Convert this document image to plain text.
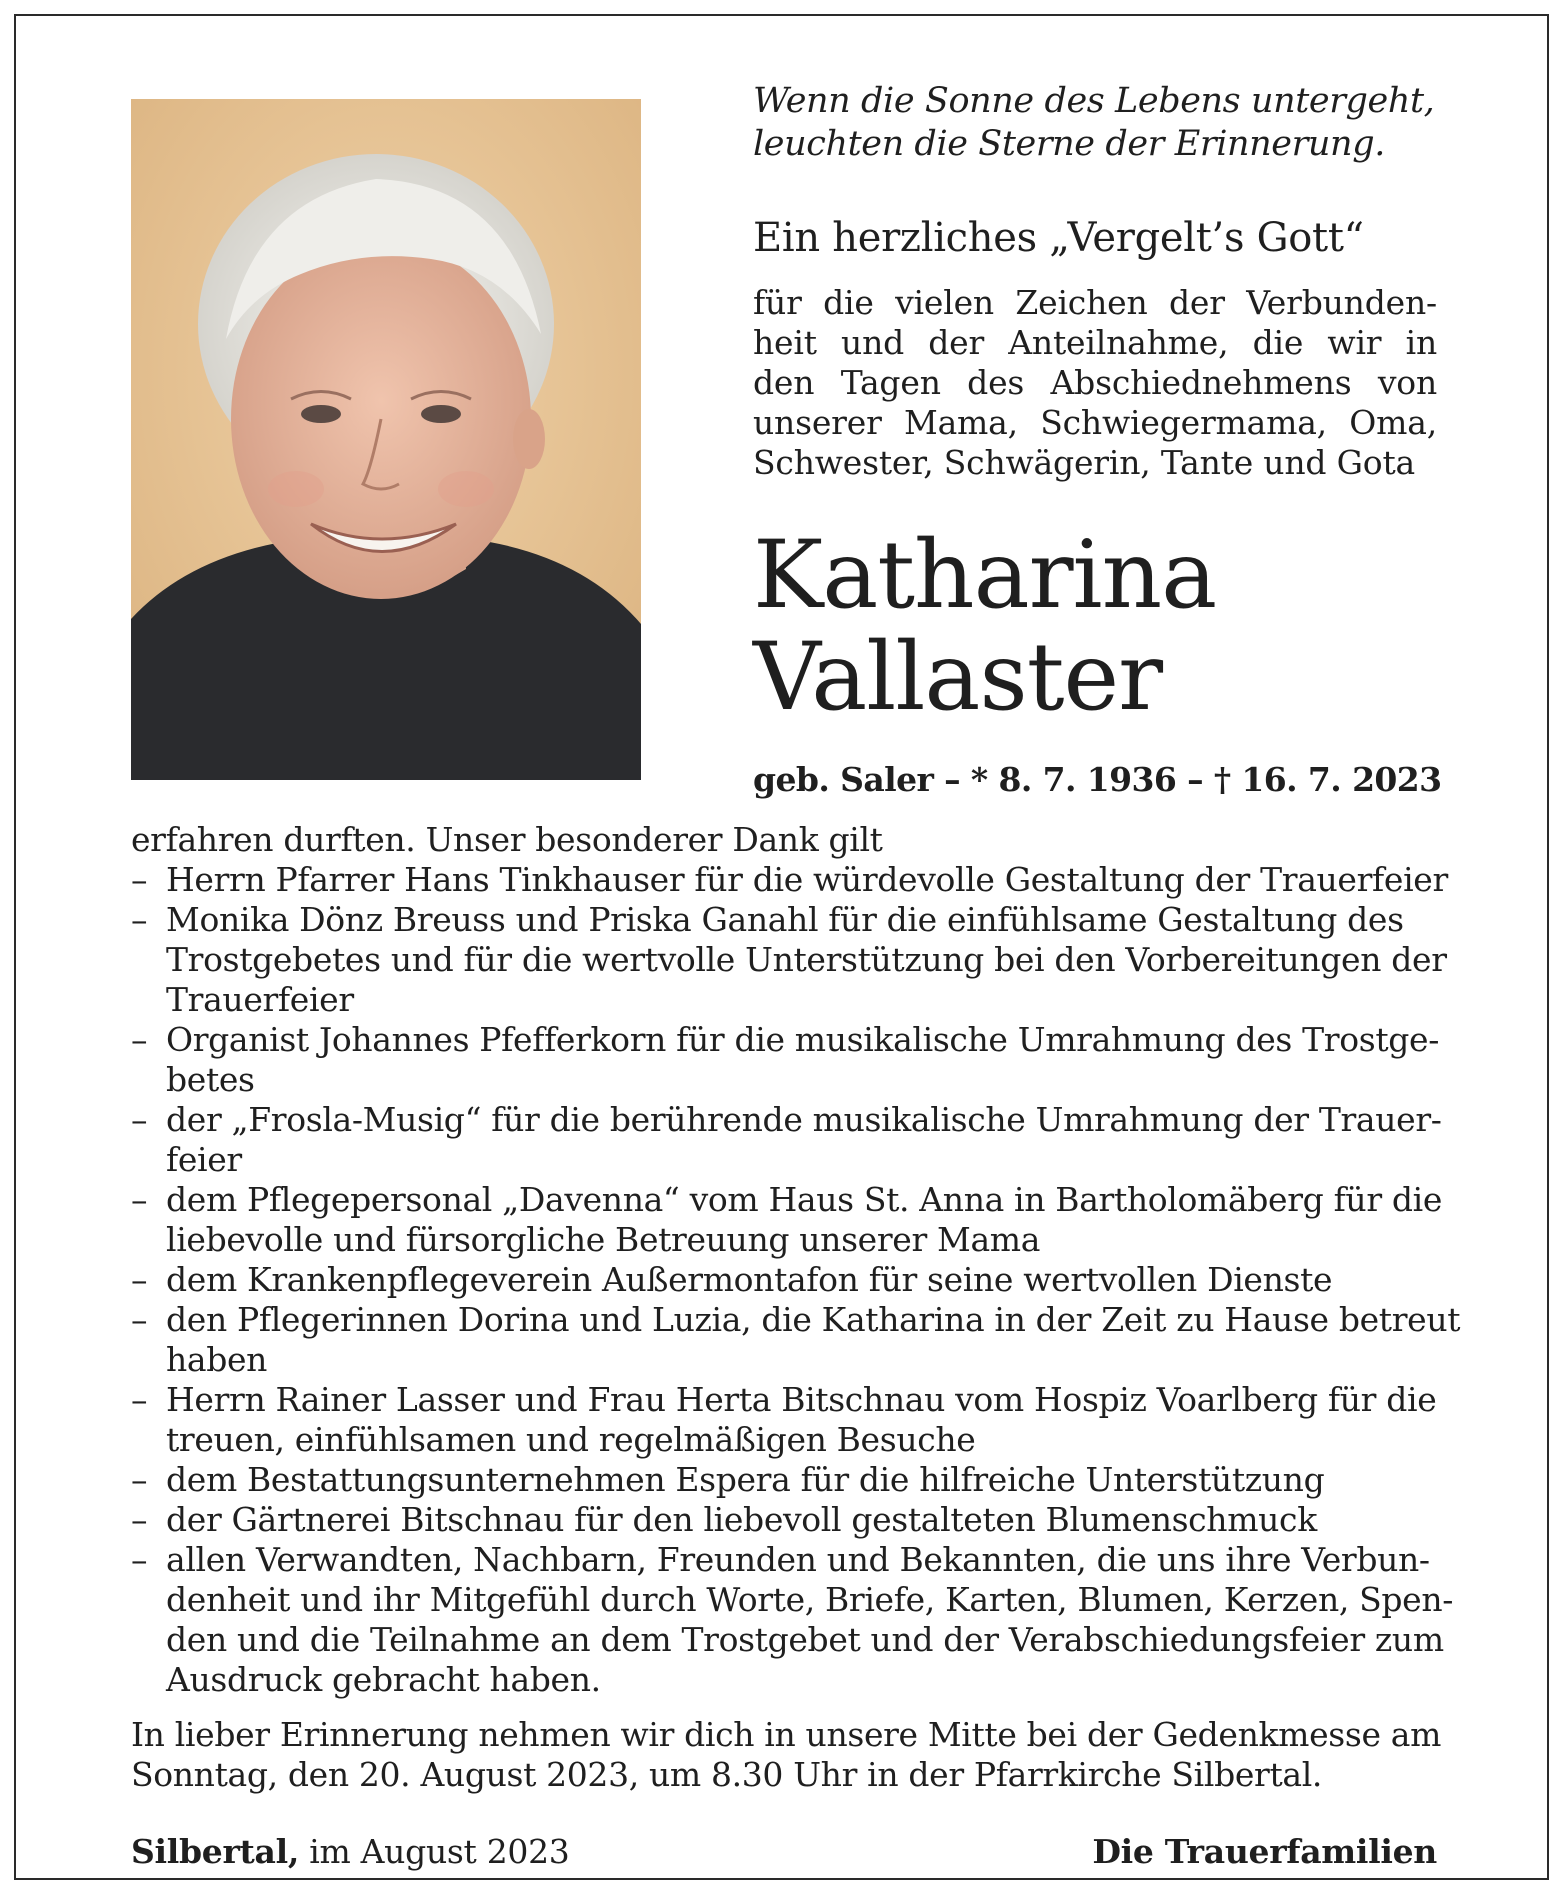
Wenn die Sonne des Lebens untergeht,
leuchten die Sterne der Erinnerung.

Ein herzliches „Vergelt’s Gott“
für die vielen Zeichen der Verbunden-
heit und der Anteilnahme, die wir in
den Tagen des Abschiednehmens von
unserer Mama, Schwiegermama, Oma,
Schwester, Schwägerin, Tante und Gota
Katharina
Vallaster
geb. Saler – * 8. 7. 1936 – † 16. 7. 2023
erfahren durften. Unser besonderer Dank gilt
– Herrn Pfarrer Hans Tinkhauser für die würdevolle Gestaltung der Trauerfeier
– Monika Dönz Breuss und Priska Ganahl für die einfühlsame Gestaltung des
Trostgebetes und für die wertvolle Unterstützung bei den Vorbereitungen der
Trauerfeier
– Organist Johannes Pfefferkorn für die musikalische Umrahmung des Trostge-
betes
– der „Frosla-Musig“ für die berührende musikalische Umrahmung der Trauer-
feier
– dem Pflegepersonal „Davenna“ vom Haus St. Anna in Bartholomäberg für die
liebevolle und fürsorgliche Betreuung unserer Mama
– dem Krankenpflegeverein Außermontafon für seine wertvollen Dienste
– den Pflegerinnen Dorina und Luzia, die Katharina in der Zeit zu Hause betreut
haben
– Herrn Rainer Lasser und Frau Herta Bitschnau vom Hospiz Voarlberg für die
treuen, einfühlsamen und regelmäßigen Besuche
– dem Bestattungsunternehmen Espera für die hilfreiche Unterstützung
– der Gärtnerei Bitschnau für den liebevoll gestalteten Blumenschmuck
– allen Verwandten, Nachbarn, Freunden und Bekannten, die uns ihre Verbun-
denheit und ihr Mitgefühl durch Worte, Briefe, Karten, Blumen, Kerzen, Spen-
den und die Teilnahme an dem Trostgebet und der Verabschiedungsfeier zum
Ausdruck gebracht haben.
In lieber Erinnerung nehmen wir dich in unsere Mitte bei der Gedenkmesse am
Sonntag, den 20. August 2023, um 8.30 Uhr in der Pfarrkirche Silbertal.
Silbertal, im August 2023	Die Trauerfamilien
